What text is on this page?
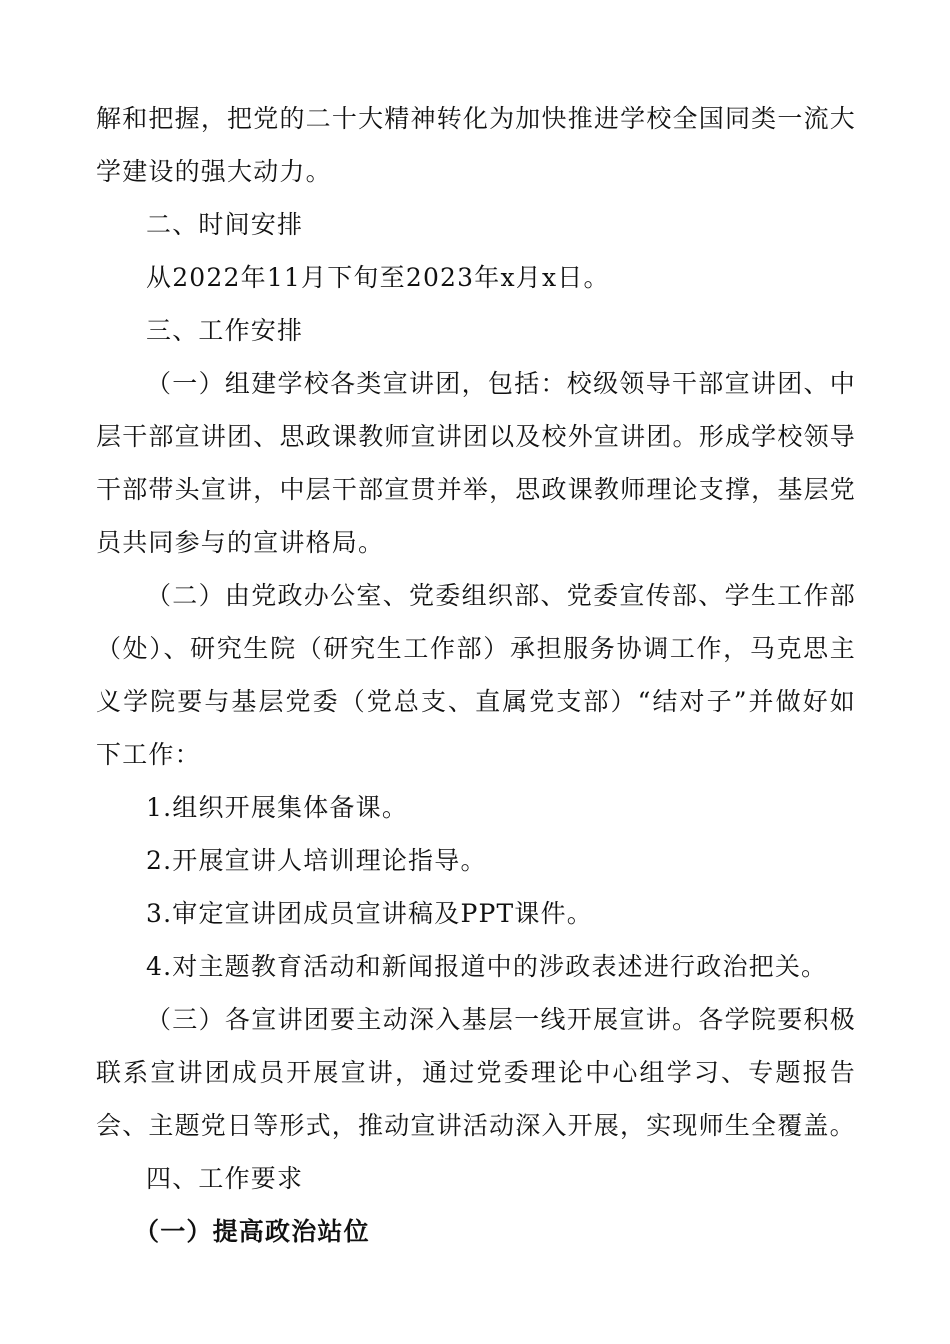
解和把握，把党的二十大精神转化为加快推进学校全国同类一流大学建设的强大动力。

二、时间安排

从2022年11月下旬至2023年x月x日。

三、工作安排

（一）组建学校各类宣讲团，包括：校级领导干部宣讲团、中层干部宣讲团、思政课教师宣讲团以及校外宣讲团。形成学校领导干部带头宣讲，中层干部宣贯并举，思政课教师理论支撑，基层党员共同参与的宣讲格局。

（二）由党政办公室、党委组织部、党委宣传部、学生工作部（处）、研究生院（研究生工作部）承担服务协调工作，马克思主义学院要与基层党委（党总支、直属党支部）“结对子”并做好如下工作：

1.组织开展集体备课。

2.开展宣讲人培训理论指导。

3.审定宣讲团成员宣讲稿及PPT课件。

4.对主题教育活动和新闻报道中的涉政表述进行政治把关。

（三）各宣讲团要主动深入基层一线开展宣讲。各学院要积极联系宣讲团成员开展宣讲，通过党委理论中心组学习、专题报告会、主题党日等形式，推动宣讲活动深入开展，实现师生全覆盖。

四、工作要求

（一）提高政治站位
